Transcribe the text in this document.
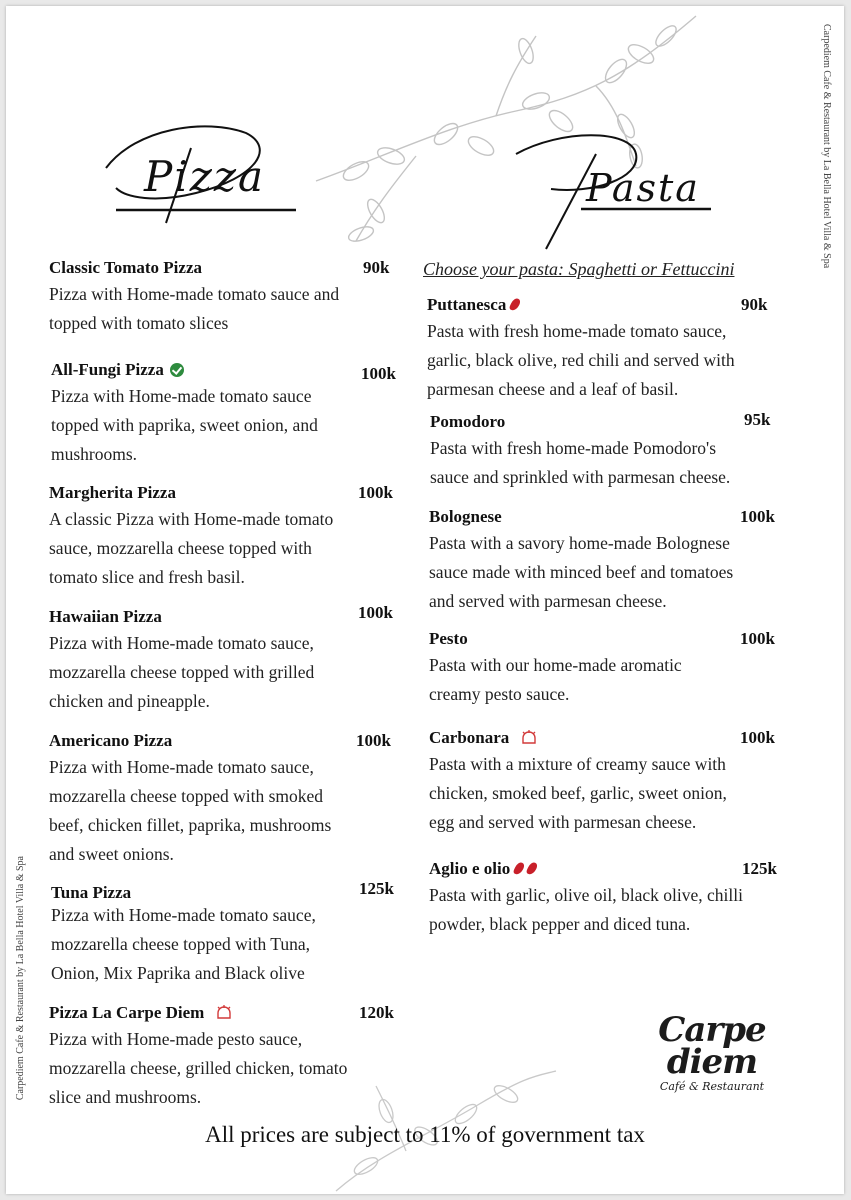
Carpediem Cafe & Restaurant by La Bella Hotel Villa & Spa
Carpediem Cafe & Restaurant by La Bella Hotel Villa & Spa
Pizza	Pasta
Choose your pasta: Spaghetti or Fettuccini
Classic Tomato Pizza	90k
Pizza with Home-made tomato sauce and
topped with tomato slices
All-Fungi Pizza	100k
Pizza with Home-made tomato sauce
topped with paprika, sweet onion, and
mushrooms.
Margherita Pizza	100k
A classic Pizza with Home-made tomato
sauce, mozzarella cheese topped with
tomato slice and fresh basil.
Hawaiian Pizza	100k
Pizza with Home-made tomato sauce,
mozzarella cheese topped with grilled
chicken and pineapple.
Americano Pizza	100k
Pizza with Home-made tomato sauce,
mozzarella cheese topped with smoked
beef, chicken fillet, paprika, mushrooms
and sweet onions.
Tuna Pizza	125k
Pizza with Home-made tomato sauce,
mozzarella cheese topped with Tuna,
Onion, Mix Paprika and Black olive
Pizza La Carpe Diem	120k
Pizza with Home-made pesto sauce,
mozzarella cheese, grilled chicken, tomato
slice and mushrooms.
Puttanesca	90k
Pasta with fresh home-made tomato sauce,
garlic, black olive, red chili and served with
parmesan cheese and a leaf of basil.
Pomodoro	95k
Pasta with fresh home-made Pomodoro's
sauce and sprinkled with parmesan cheese.
Bolognese	100k
Pasta with a savory home-made Bolognese
sauce made with minced beef and tomatoes
and served with parmesan cheese.
Pesto	100k
Pasta with our home-made aromatic
creamy pesto sauce.
Carbonara	100k
Pasta with a mixture of creamy sauce with
chicken, smoked beef, garlic, sweet onion,
egg and served with parmesan cheese.
Aglio e olio	125k
Pasta with garlic, olive oil, black olive, chilli
powder, black pepper and diced tuna.
Carpe
diem
Café & Restaurant
All prices are subject to 11% of government tax
